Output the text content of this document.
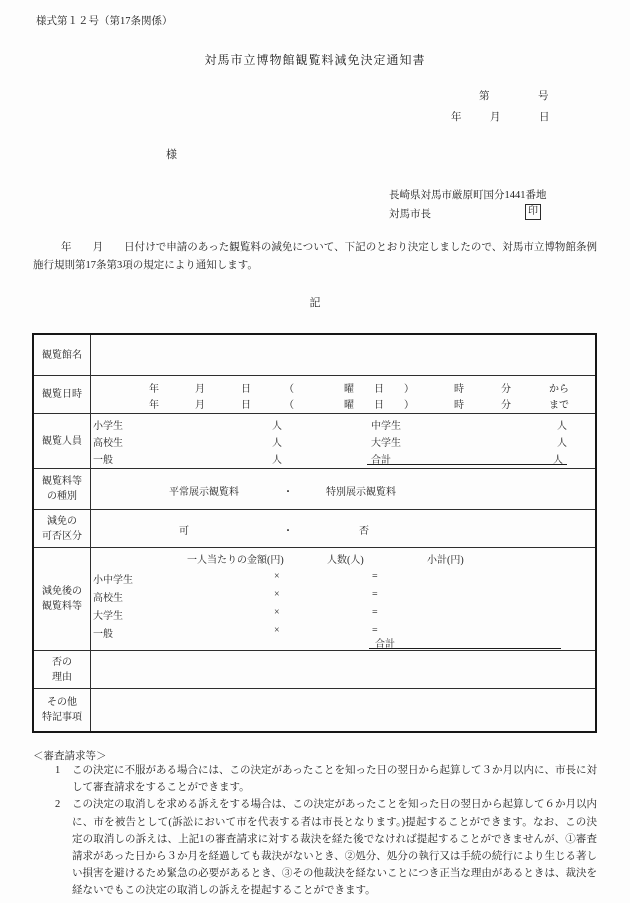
様式第１２号（第17条関係）
対馬市立博物館観覧料減免決定通知書
第	号
年	月	日
様
長崎県対馬市厳原町国分1441番地
対馬市長	印
年　　月　　日付けで申請のあった観覧料の減免について、下記のとおり決定しましたので、対馬市立博物館条例施行規則第17条第3項の規定により通知します。
記
観覧館名
観覧日時	年	月	日	（	曜 日 ）	時	分	から
年	月	日	（	曜 日 ）	時	分	まで
観覧人員
小学生	人	中学生	人
高校生	人	大学生	人
一般	人	合計	人
観覧料等
の種別	平常展示観覧料	・	特別展示観覧料
減免の
可否区分	可	・	否
減免後の
観覧料等
一人当たりの金額(円)	人数(人)	小計(円)
小中学生	×	=
高校生	×	=
大学生	×	=
一般	×	=
合計
否の
理由
その他
特記事項
＜審査請求等＞
1	この決定に不服がある場合には、この決定があったことを知った日の翌日から起算して３か月以内に、市長に対して審査請求をすることができます。
2	この決定の取消しを求める訴えをする場合は、この決定があったことを知った日の翌日から起算して６か月以内に、市を被告として(訴訟において市を代表する者は市長となります。)提起することができます。なお、この決定の取消しの訴えは、上記1の審査請求に対する裁決を経た後でなければ提起することができませんが、①審査請求があった日から３か月を経過しても裁決がないとき、②処分、処分の執行又は手続の続行により生じる著しい損害を避けるため緊急の必要があるとき、③その他裁決を経ないことにつき正当な理由があるときは、裁決を経ないでもこの決定の取消しの訴えを提起することができます。
